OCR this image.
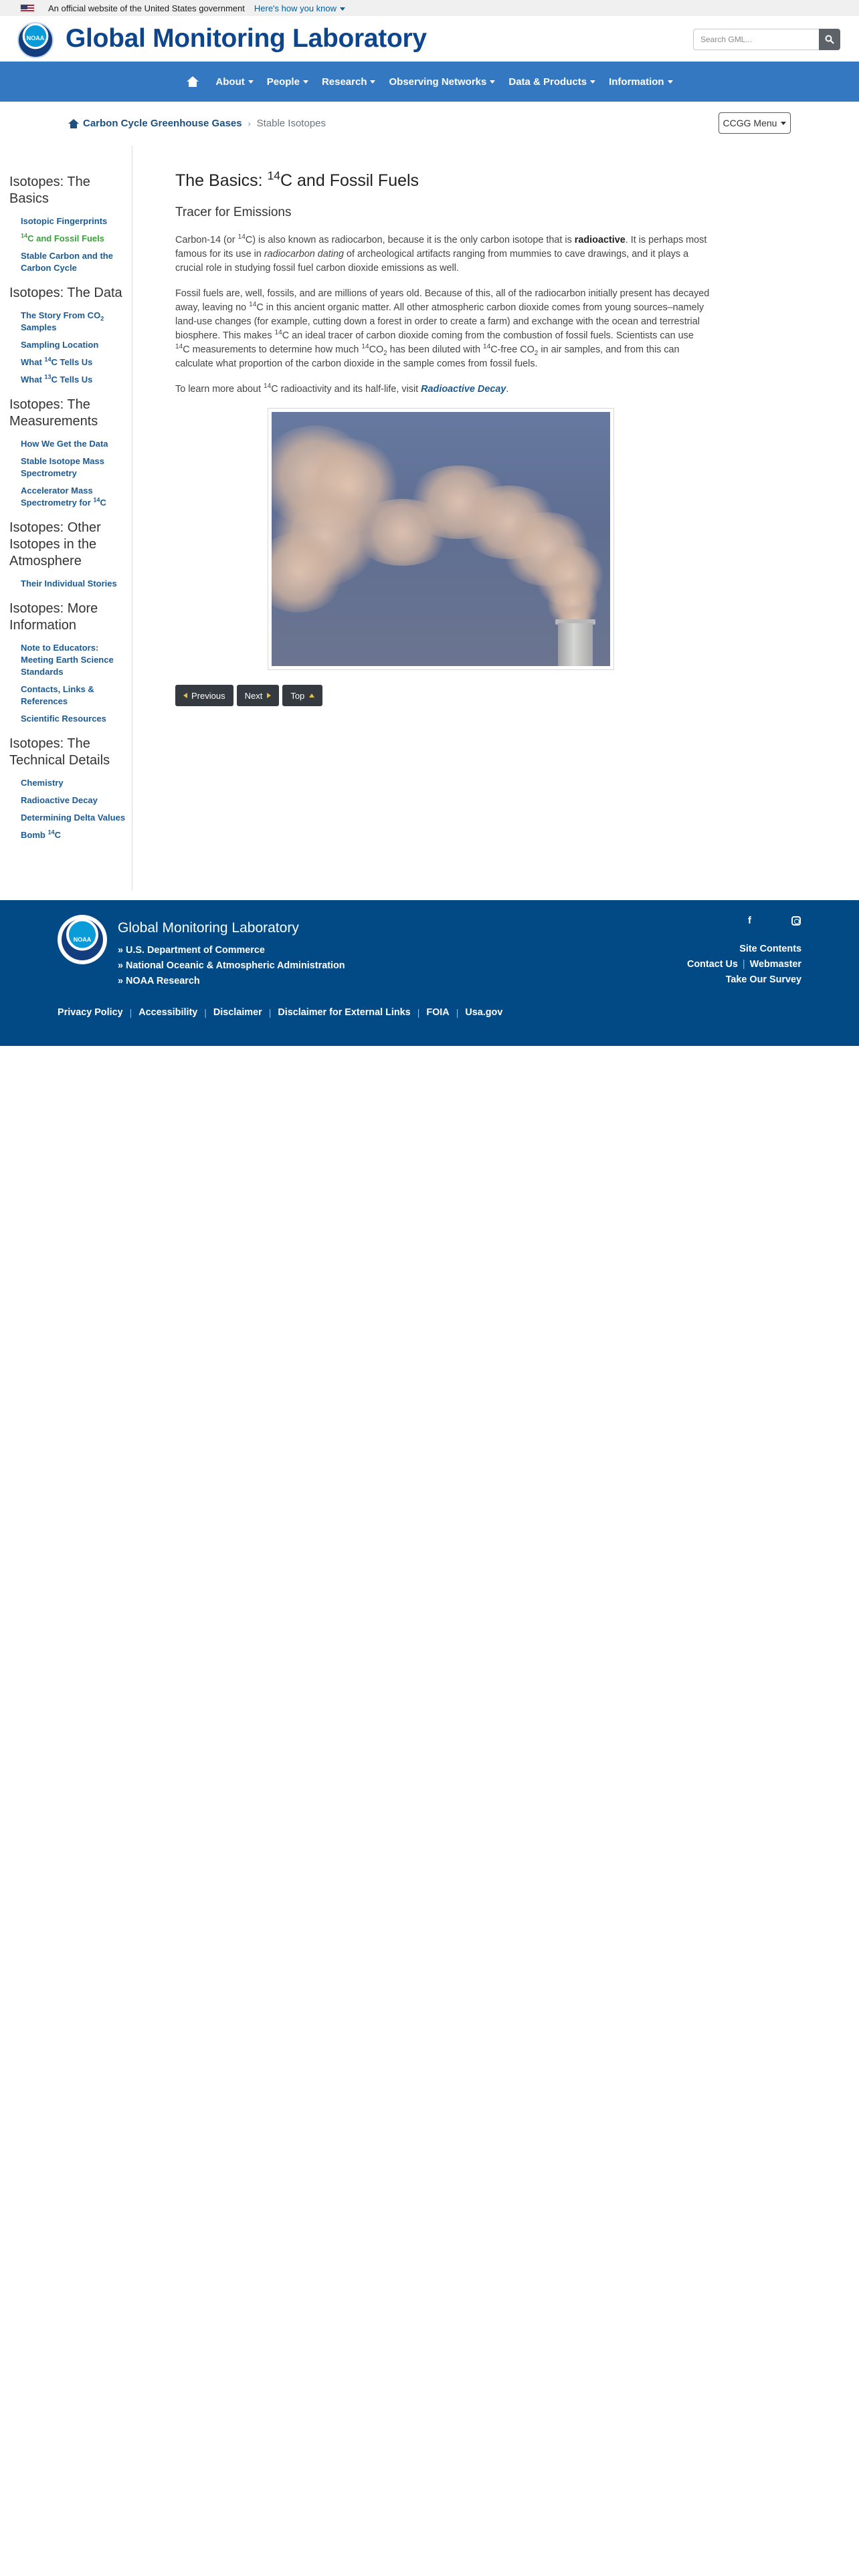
An official website of the United States government Here's how you know
NOAA Global Monitoring Laboratory	Search GML...
About People Research Observing Networks Data & Products Information
Carbon Cycle Greenhouse Gases › Stable Isotopes	CCGG Menu
Isotopes: The Basics
Isotopic Fingerprints
$^{14}$C and Fossil Fuels
Stable Carbon and the Carbon Cycle
Isotopes: The Data
The Story From $CO_2$ Samples
Sampling Location
What $^{14}$C Tells Us
What $^{13}$C Tells Us
Isotopes: The Measurements
How We Get the Data
Stable Isotope Mass Spectrometry
Accelerator Mass Spectrometry for $^{14}$C
Isotopes: Other Isotopes in the Atmosphere
Their Individual Stories
Isotopes: More Information
Note to Educators: Meeting Earth Science Standards
Contacts, Links & References
Scientific Resources
Isotopes: The Technical Details
Chemistry
Radioactive Decay
Determining Delta Values
Bomb $^{14}$C
The Basics: $^{14}$C and Fossil Fuels
Tracer for Emissions

Carbon-14 (or $^{14}$C) is also known as radiocarbon, because it is the only carbon isotope that is radioactive. It is perhaps most famous for its use in radiocarbon dating of archeological artifacts ranging from mummies to cave drawings, and it plays a crucial role in studying fossil fuel carbon dioxide emissions as well.

Fossil fuels are, well, fossils, and are millions of years old. Because of this, all of the radiocarbon initially present has decayed away, leaving no $^{14}$C in this ancient organic matter. All other atmospheric carbon dioxide comes from young sources–namely land-use changes (for example, cutting down a forest in order to create a farm) and exchange with the ocean and terrestrial biosphere. This makes $^{14}$C an ideal tracer of carbon dioxide coming from the combustion of fossil fuels. Scientists can use $^{14}$C measurements to determine how much $^{14}CO_2$ has been diluted with $^{14}$C-free $CO_2$ in air samples, and from this can calculate what proportion of the carbon dioxide in the sample comes from fossil fuels.

To learn more about $^{14}$C radioactivity and its half-life, visit Radioactive Decay.

Previous Next	Top
NOAA
Global Monitoring Laboratory
» U.S. Department of Commerce
» National Oceanic & Atmospheric Administration
» NOAA Research
f
Site Contents
Contact Us | Webmaster
Take Our Survey
Privacy Policy | Accessibility | Disclaimer | Disclaimer for External Links | FOIA | Usa.gov
